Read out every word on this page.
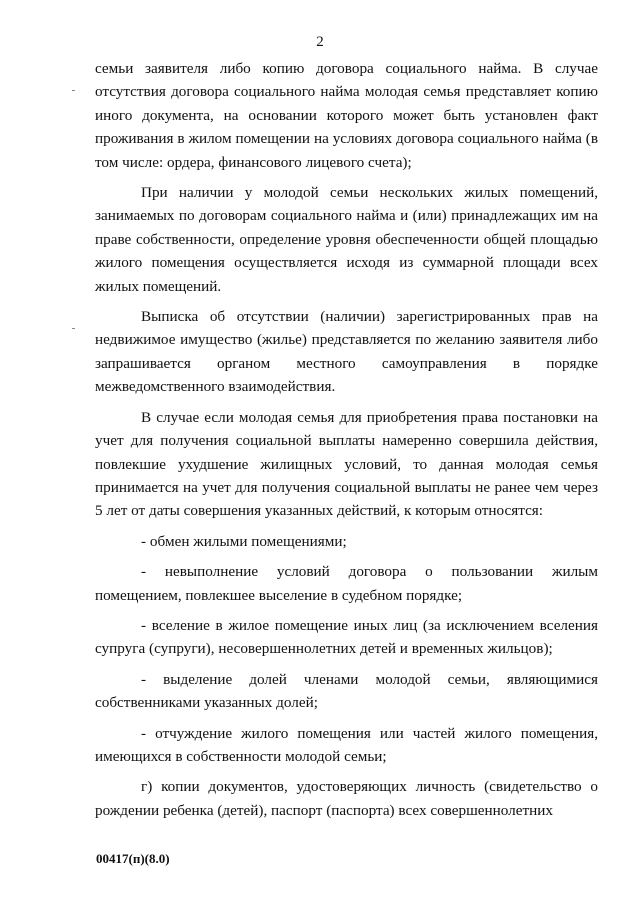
2

семьи заявителя либо копию договора социального найма. В случае отсутствия договора социального найма молодая семья представляет копию иного документа, на основании которого может быть установлен факт проживания в жилом помещении на условиях договора социального найма (в том числе: ордера, финансового лицевого счета);

При наличии у молодой семьи нескольких жилых помещений, занимаемых по договорам социального найма и (или) принадлежащих им на праве собственности, определение уровня обеспеченности общей площадью жилого помещения осуществляется исходя из суммарной площади всех жилых помещений.

Выписка об отсутствии (наличии) зарегистрированных прав на недвижимое имущество (жилье) представляется по желанию заявителя либо запрашивается органом местного самоуправления в порядке межведомственного взаимодействия.

В случае если молодая семья для приобретения права постановки на учет для получения социальной выплаты намеренно совершила действия, повлекшие ухудшение жилищных условий, то данная молодая семья принимается на учет для получения социальной выплаты не ранее чем через 5 лет от даты совершения указанных действий, к которым относятся:

- обмен жилыми помещениями;

- невыполнение условий договора о пользовании жилым помещением, повлекшее выселение в судебном порядке;

- вселение в жилое помещение иных лиц (за исключением вселения супруга (супруги), несовершеннолетних детей и временных жильцов);

- выделение долей членами молодой семьи, являющимися собственниками указанных долей;

- отчуждение жилого помещения или частей жилого помещения, имеющихся в собственности молодой семьи;

г) копии документов, удостоверяющих личность (свидетельство о рождении ребенка (детей), паспорт (паспорта) всех совершеннолетних

00417(п)(8.0)
